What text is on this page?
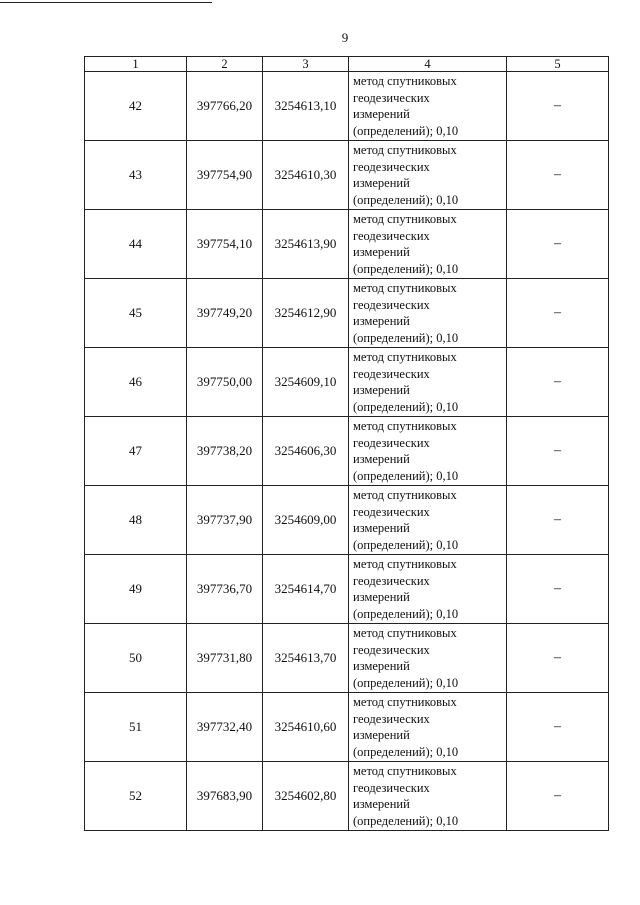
9
1	2	3	4	5
42	397766,20	3254613,10	метод спутниковых
геодезических
измерений
(определений); 0,10	–
43	397754,90	3254610,30	метод спутниковых
геодезических
измерений
(определений); 0,10	–
44	397754,10	3254613,90	метод спутниковых
геодезических
измерений
(определений); 0,10	–
45	397749,20	3254612,90	метод спутниковых
геодезических
измерений
(определений); 0,10	–
46	397750,00	3254609,10	метод спутниковых
геодезических
измерений
(определений); 0,10	–
47	397738,20	3254606,30	метод спутниковых
геодезических
измерений
(определений); 0,10	–
48	397737,90	3254609,00	метод спутниковых
геодезических
измерений
(определений); 0,10	–
49	397736,70	3254614,70	метод спутниковых
геодезических
измерений
(определений); 0,10	–
50	397731,80	3254613,70	метод спутниковых
геодезических
измерений
(определений); 0,10	–
51	397732,40	3254610,60	метод спутниковых
геодезических
измерений
(определений); 0,10	–
52	397683,90	3254602,80	метод спутниковых
геодезических
измерений
(определений); 0,10	–
